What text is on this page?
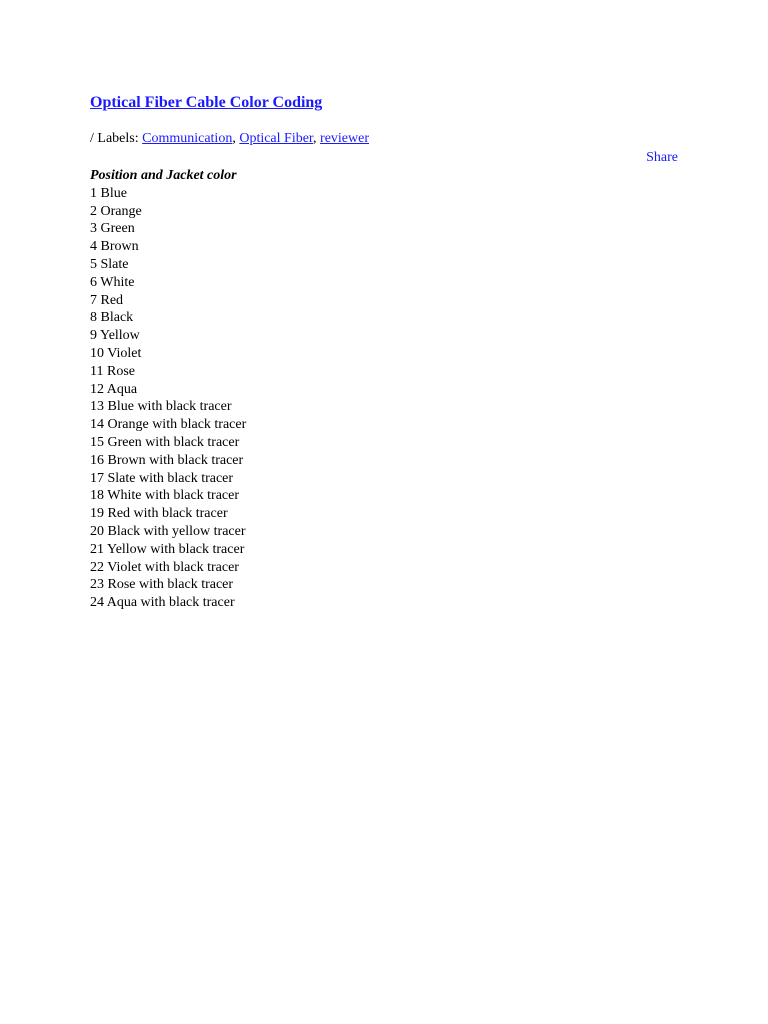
Optical Fiber Cable Color Coding
/ Labels: Communication, Optical Fiber, reviewer
Share

Position and Jacket color

1 Blue
2 Orange
3 Green
4 Brown
5 Slate
6 White
7 Red
8 Black
9 Yellow
10 Violet
11 Rose
12 Aqua
13 Blue with black tracer
14 Orange with black tracer
15 Green with black tracer
16 Brown with black tracer
17 Slate with black tracer
18 White with black tracer
19 Red with black tracer
20 Black with yellow tracer
21 Yellow with black tracer
22 Violet with black tracer
23 Rose with black tracer
24 Aqua with black tracer
